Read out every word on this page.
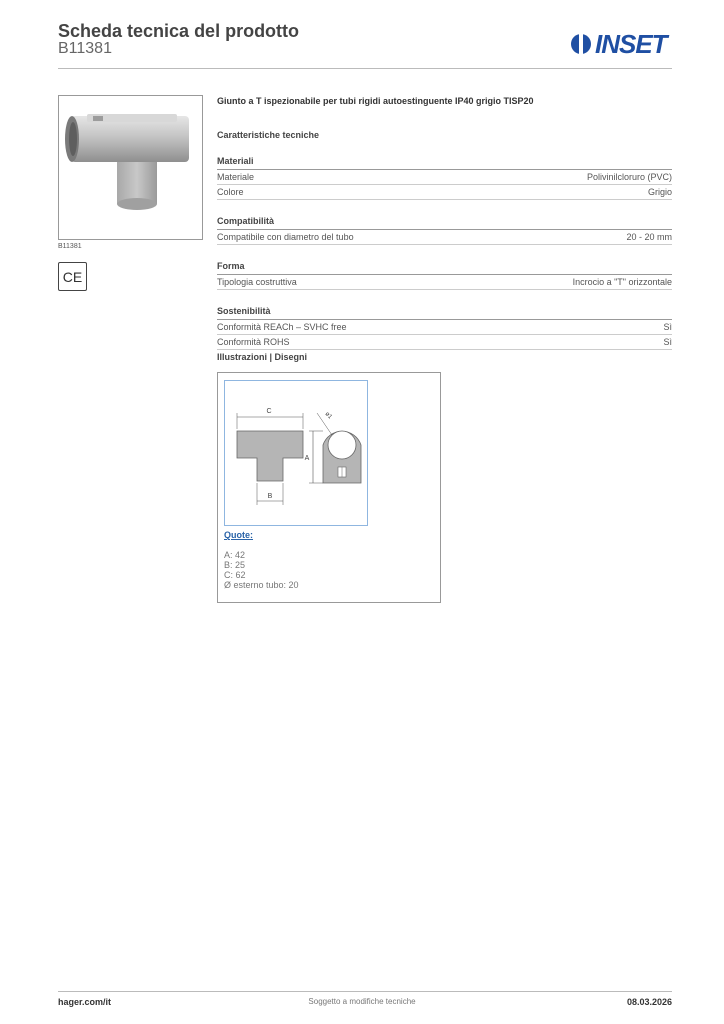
Scheda tecnica del prodotto
B11381	INSET
B11381
CE

Giunto a T ispezionabile per tubi rigidi autoestinguente IP40 grigio TISP20

Caratteristiche tecniche
Materiali
Materiale	Polivinilcloruro (PVC)
Colore	Grigio
Compatibilità
Compatibile con diametro del tubo	20 - 20 mm
Forma
Tipologia costruttiva	Incrocio a "T" orizzontale
Sostenibilità
Conformità REACh – SVHC free	Sì
Conformità ROHS	Sì
Illustrazioni | Disegni
C
B
A
ø1
Quote:
A: 42
B: 25
C: 62
Ø esterno tubo: 20
hager.com/it	Soggetto a modifiche tecniche	08.03.2026
